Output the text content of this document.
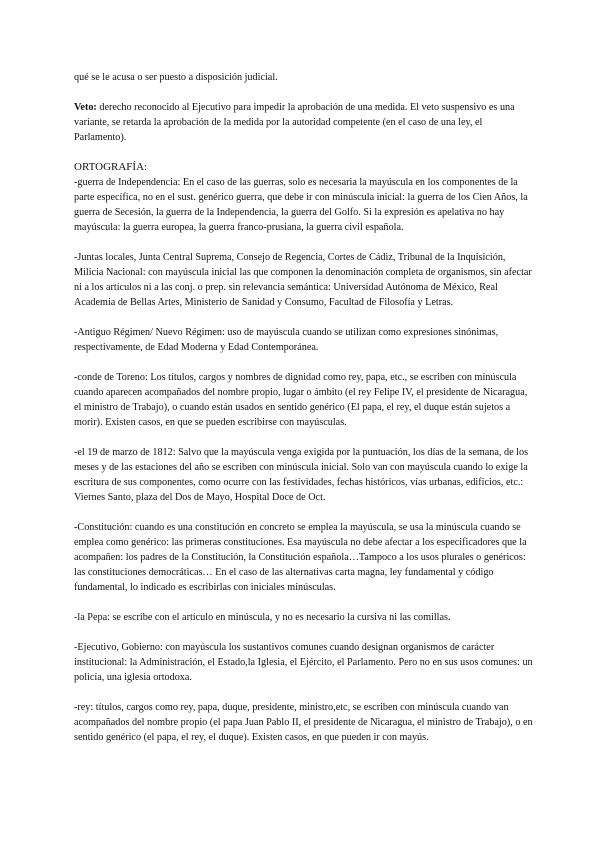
qué se le acusa o ser puesto a disposición judicial.

Veto: derecho reconocido al Ejecutivo para impedir la aprobación de una medida. El veto suspensivo es una variante, se retarda la aprobación de la medida por la autoridad competente (en el caso de una ley, el Parlamento).

ORTOGRAFÍA:

-guerra de Independencia: En el caso de las guerras, solo es necesaria la mayúscula en los componentes de la parte específica, no en el sust. genérico guerra, que debe ir con minúscula inicial: la guerra de los Cien Años, la guerra de Secesión, la guerra de la Independencia, la guerra del Golfo. Si la expresión es apelativa no hay mayúscula: la guerra europea, la guerra franco-prusiana, la guerra civil española.

-Juntas locales, Junta Central Suprema, Consejo de Regencia, Cortes de Cádiz, Tribunal de la Inquisición, Milicia Nacional: con mayúscula inicial las que componen la denominación completa de organismos, sin afectar ni a los artículos ni a las conj. o prep. sin relevancia semántica: Universidad Autónoma de México, Real Academia de Bellas Artes, Ministerio de Sanidad y Consumo, Facultad de Filosofía y Letras.

-Antiguo Régimen/ Nuevo Régimen: uso de mayúscula cuando se utilizan como expresiones sinónimas, respectivamente, de Edad Moderna y Edad Contemporánea.

-conde de Toreno: Los títulos, cargos y nombres de dignidad como rey, papa, etc., se escriben con minúscula cuando aparecen acompañados del nombre propio, lugar o ámbito (el rey Felipe IV, el presidente de Nicaragua, el ministro de Trabajo), o cuando están usados en sentido genérico (El papa, el rey, el duque están sujetos a morir). Existen casos, en que se pueden escribirse con mayúsculas.

-el 19 de marzo de 1812: Salvo que la mayúscula venga exigida por la puntuación, los días de la semana, de los meses y de las estaciones del año se escriben con minúscula inicial. Solo van con mayúscula cuando lo exige la escritura de sus componentes, como ocurre con las festividades, fechas históricos, vías urbanas, edificios, etc.: Viernes Santo, plaza del Dos de Mayo, Hospital Doce de Oct.

-Constitución: cuando es una constitución en concreto se emplea la mayúscula, se usa la minúscula cuando se emplea como genérico: las primeras constituciones. Esa mayúscula no debe afectar a los especificadores que la acompañen: los padres de la Constitución, la Constitución española…Tampoco a los usos plurales o genéricos: las constituciones democráticas… En el caso de las alternativas carta magna, ley fundamental y código fundamental, lo indicado es escribirlas con iniciales minúsculas.

-la Pepa: se escribe con el artículo en minúscula, y no es necesario la cursiva ni las comillas.

-Ejecutivo, Gobierno: con mayúscula los sustantivos comunes cuando designan organismos de carácter institucional: la Administración, el Estado,la Iglesia, el Ejército, el Parlamento. Pero no en sus usos comunes: un policía, una iglesia ortodoxa.

-rey: títulos, cargos como rey, papa, duque, presidente, ministro,etc, se escriben con minúscula cuando van acompañados del nombre propio (el papa Juan Pablo II, el presidente de Nicaragua, el ministro de Trabajo), o en sentido genérico (el papa, el rey, el duque). Existen casos, en que pueden ir con mayús.
